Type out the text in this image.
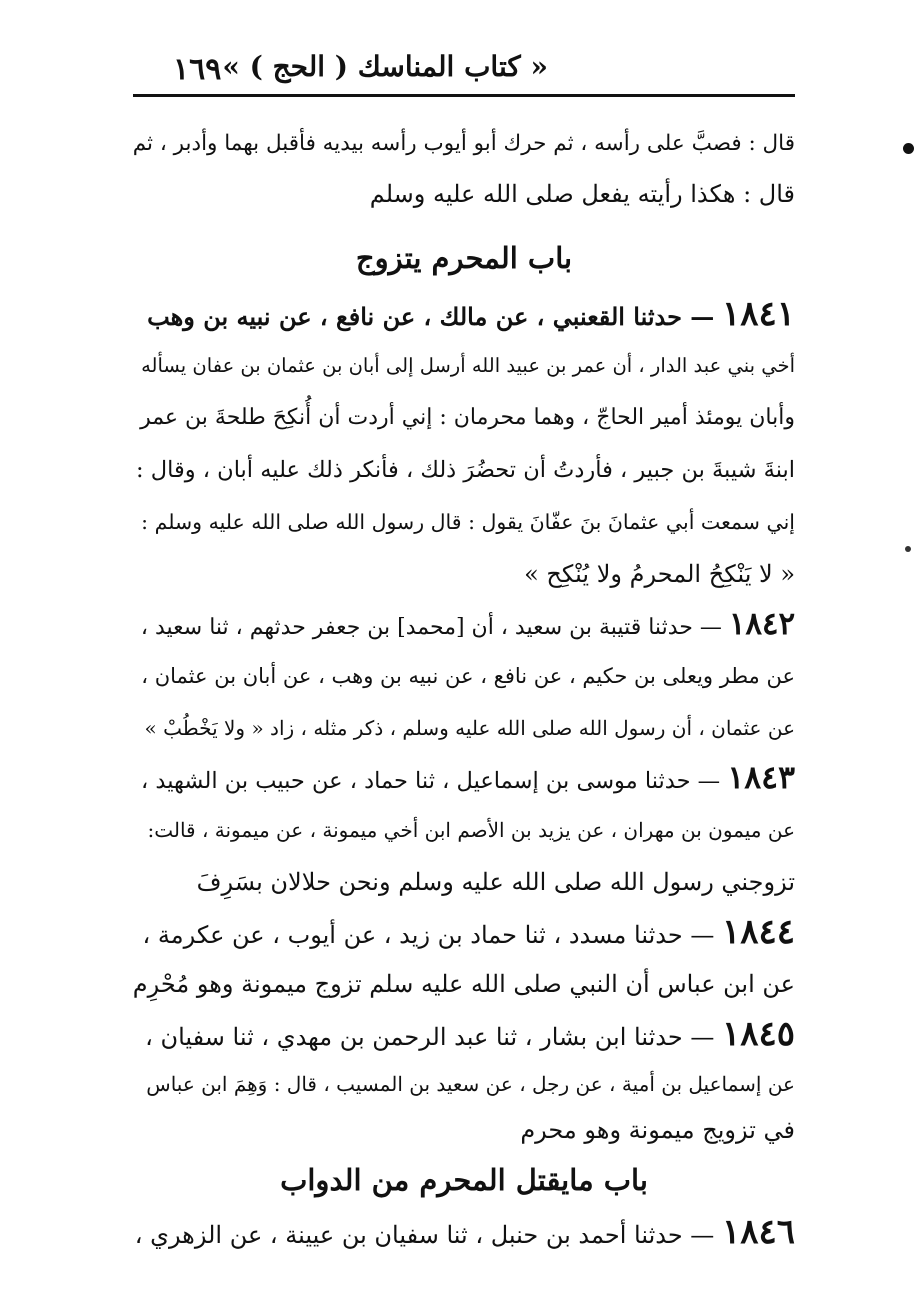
١٦٩ « كتاب المناسك ( الحج ) »
قال : فصبَّ على رأسه ، ثم حرك أبو أيوب رأسه بيديه فأقبل بهما وأدبر ، ثم
قال : هكذا رأيته يفعل صلى الله عليه وسلم
باب المحرم يتزوج
١٨٤١ — حدثنا القعنبي ، عن مالك ، عن نافع ، عن نبيه بن وهب
أخي بني عبد الدار ، أن عمر بن عبيد الله أرسل إلى أبان بن عثمان بن عفان يسأله
وأبان يومئذ أمير الحاجّ ، وهما محرمان : إني أردت أن أُنكِحَ طلحةَ بن عمر
ابنةَ شيبةَ بن جبير ، فأردتُ أن تحضُرَ ذلك ، فأنكر ذلك عليه أبان ، وقال :
إني سمعت أبي عثمانَ بنَ عفّانَ يقول : قال رسول الله صلى الله عليه وسلم :
« لا يَنْكِحُ المحرمُ ولا يُنْكِح »
١٨٤٢ — حدثنا قتيبة بن سعيد ، أن [محمد] بن جعفر حدثهم ، ثنا سعيد ،
عن مطر ويعلى بن حكيم ، عن نافع ، عن نبيه بن وهب ، عن أبان بن عثمان ،
عن عثمان ، أن رسول الله صلى الله عليه وسلم ، ذكر مثله ، زاد « ولا يَخْطُبْ »
١٨٤٣ — حدثنا موسى بن إسماعيل ، ثنا حماد ، عن حبيب بن الشهيد ،
عن ميمون بن مهران ، عن يزيد بن الأصم ابن أخي ميمونة ، عن ميمونة ، قالت:
تزوجني رسول الله صلى الله عليه وسلم ونحن حلالان بسَرِفَ
١٨٤٤ — حدثنا مسدد ، ثنا حماد بن زيد ، عن أيوب ، عن عكرمة ،
عن ابن عباس أن النبي صلى الله عليه سلم تزوج ميمونة وهو مُحْرِم
١٨٤٥ — حدثنا ابن بشار ، ثنا عبد الرحمن بن مهدي ، ثنا سفيان ،
عن إسماعيل بن أمية ، عن رجل ، عن سعيد بن المسيب ، قال : وَهِمَ ابن عباس
في تزويج ميمونة وهو محرم
باب مايقتل المحرم من الدواب
١٨٤٦ — حدثنا أحمد بن حنبل ، ثنا سفيان بن عيينة ، عن الزهري ،
